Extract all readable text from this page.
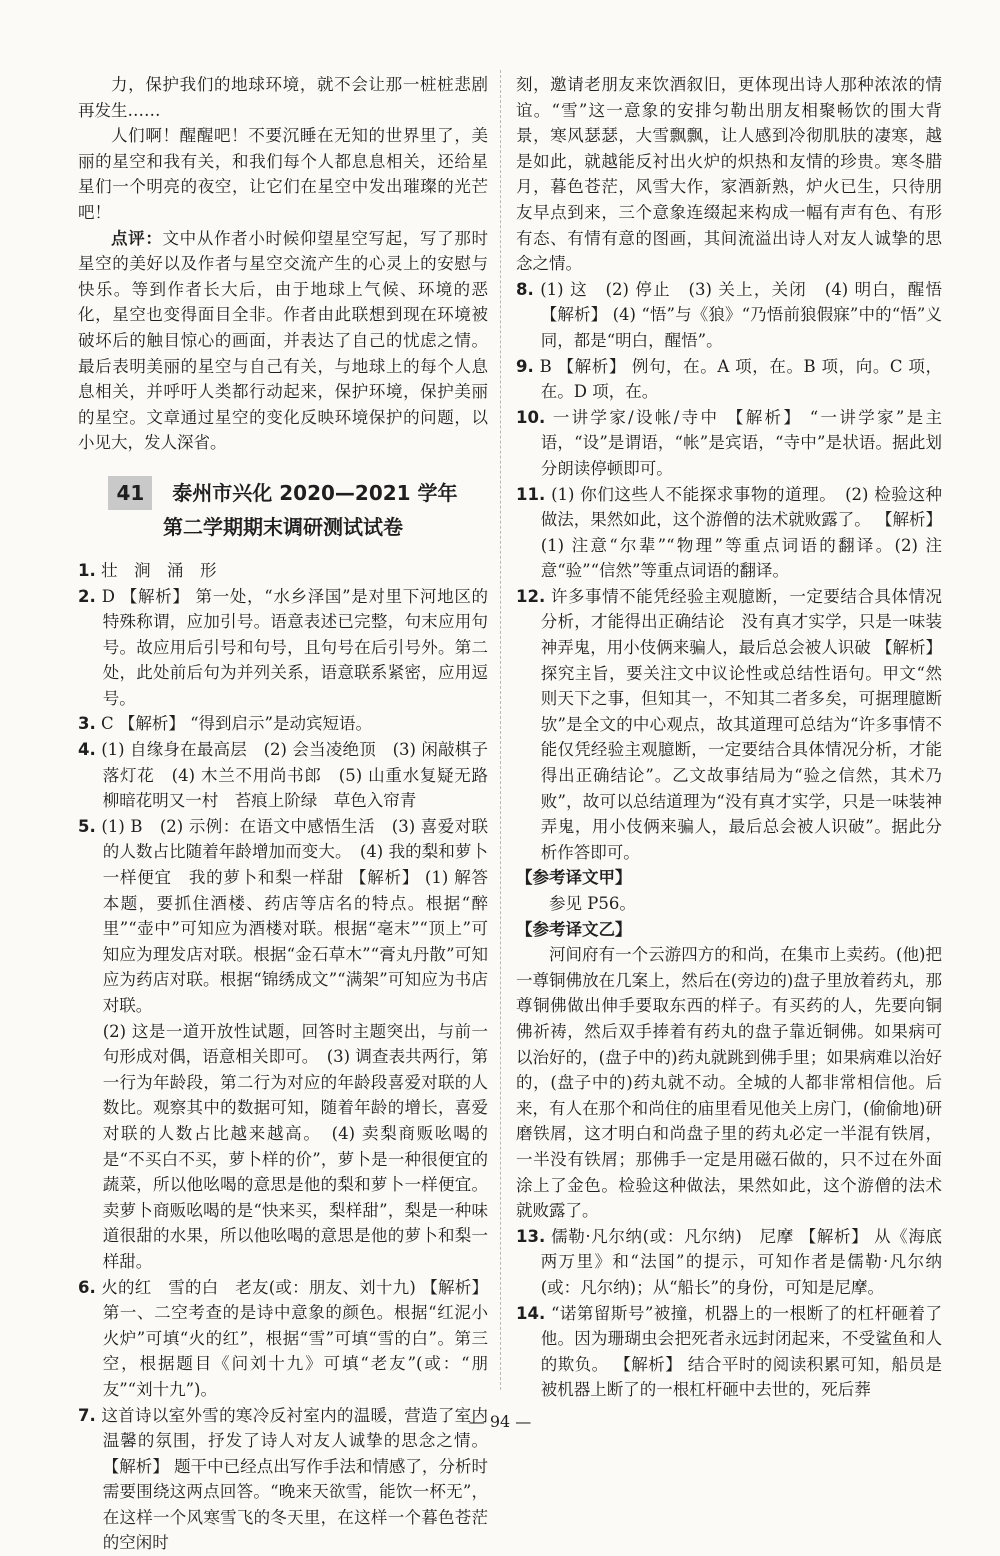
力，保护我们的地球环境，就不会让那一桩桩悲剧再发生……

人们啊！醒醒吧！不要沉睡在无知的世界里了，美丽的星空和我有关，和我们每个人都息息相关，还给星星们一个明亮的夜空，让它们在星空中发出璀璨的光芒吧！

点评：文中从作者小时候仰望星空写起，写了那时星空的美好以及作者与星空交流产生的心灵上的安慰与快乐。等到作者长大后，由于地球上气候、环境的恶化，星空也变得面目全非。作者由此联想到现在环境被破坏后的触目惊心的画面，并表达了自己的忧虑之情。最后表明美丽的星空与自己有关，与地球上的每个人息息相关，并呼吁人类都行动起来，保护环境，保护美丽的星空。文章通过星空的变化反映环境保护的问题，以小见大，发人深省。

41 泰州市兴化 2020—2021 学年
第二学期期末调研测试试卷

1. 壮　涧　涌　形

2. D 【解析】 第一处，“水乡泽国”是对里下河地区的特殊称谓，应加引号。语意表述已完整，句末应用句号。故应用后引号和句号，且句号在后引号外。第二处，此处前后句为并列关系，语意联系紧密，应用逗号。

3. C 【解析】 “得到启示”是动宾短语。

4. (1) 自缘身在最高层　(2) 会当凌绝顶　(3) 闲敲棋子落灯花　(4) 木兰不用尚书郎　(5) 山重水复疑无路　柳暗花明又一村　苔痕上阶绿　草色入帘青

5. (1) B　(2) 示例：在语文中感悟生活　(3) 喜爱对联的人数占比随着年龄增加而变大。　(4) 我的梨和萝卜一样便宜　我的萝卜和梨一样甜 【解析】 (1) 解答本题，要抓住酒楼、药店等店名的特点。根据“醉里”“壶中”可知应为酒楼对联。根据“毫末”“顶上”可知应为理发店对联。根据“金石草木”“膏丸丹散”可知应为药店对联。根据“锦绣成文”“满架”可知应为书店对联。

(2) 这是一道开放性试题，回答时主题突出，与前一句形成对偶，语意相关即可。　(3) 调查表共两行，第一行为年龄段，第二行为对应的年龄段喜爱对联的人数比。观察其中的数据可知，随着年龄的增长，喜爱对联的人数占比越来越高。　(4) 卖梨商贩吆喝的是“不买白不买，萝卜样的价”，萝卜是一种很便宜的蔬菜，所以他吆喝的意思是他的梨和萝卜一样便宜。卖萝卜商贩吆喝的是“快来买，梨样甜”，梨是一种味道很甜的水果，所以他吆喝的意思是他的萝卜和梨一样甜。

6. 火的红　雪的白　老友(或：朋友、刘十九) 【解析】 第一、二空考查的是诗中意象的颜色。根据“红泥小火炉”可填“火的红”，根据“雪”可填“雪的白”。第三空，根据题目《问刘十九》可填“老友”(或：“朋友”“刘十九”)。

7. 这首诗以室外雪的寒冷反衬室内的温暖，营造了室内温馨的氛围，抒发了诗人对友人诚挚的思念之情。 【解析】 题干中已经点出写作手法和情感了，分析时需要围绕这两点回答。“晚来天欲雪，能饮一杯无”，在这样一个风寒雪飞的冬天里，在这样一个暮色苍茫的空闲时

刻，邀请老朋友来饮酒叙旧，更体现出诗人那种浓浓的情谊。“雪”这一意象的安排匀勒出朋友相聚畅饮的围大背景，寒风瑟瑟，大雪飘飘，让人感到冷彻肌肤的凄寒，越是如此，就越能反衬出火炉的炽热和友情的珍贵。寒冬腊月，暮色苍茫，风雪大作，家酒新熟，炉火已生，只待朋友早点到来，三个意象连缀起来构成一幅有声有色、有形有态、有情有意的图画，其间流溢出诗人对友人诚挚的思念之情。

8. (1) 这　(2) 停止　(3) 关上，关闭　(4) 明白，醒悟 【解析】 (4) “悟”与《狼》“乃悟前狼假寐”中的“悟”义同，都是“明白，醒悟”。

9. B 【解析】 例句，在。A 项，在。B 项，向。C 项，在。D 项，在。

10. 一讲学家/设帐/寺中 【解析】 “一讲学家”是主语，“设”是谓语，“帐”是宾语，“寺中”是状语。据此划分朗读停顿即可。

11. (1) 你们这些人不能探求事物的道理。　(2) 检验这种做法，果然如此，这个游僧的法术就败露了。 【解析】 (1) 注意“尔辈”“物理”等重点词语的翻译。(2) 注意“验”“信然”等重点词语的翻译。

12. 许多事情不能凭经验主观臆断，一定要结合具体情况分析，才能得出正确结论　没有真才实学，只是一味装神弄鬼，用小伎俩来骗人，最后总会被人识破 【解析】 探究主旨，要关注文中议论性或总结性语句。甲文“然则天下之事，但知其一，不知其二者多矣，可据理臆断欤”是全文的中心观点，故其道理可总结为“许多事情不能仅凭经验主观臆断，一定要结合具体情况分析，才能得出正确结论”。乙文故事结局为“验之信然，其术乃败”，故可以总结道理为“没有真才实学，只是一味装神弄鬼，用小伎俩来骗人，最后总会被人识破”。据此分析作答即可。

【参考译文甲】

参见 P56。

【参考译文乙】

河间府有一个云游四方的和尚，在集市上卖药。(他)把一尊铜佛放在几案上，然后在(旁边的)盘子里放着药丸，那尊铜佛做出伸手要取东西的样子。有买药的人，先要向铜佛祈祷，然后双手捧着有药丸的盘子靠近铜佛。如果病可以治好的，(盘子中的)药丸就跳到佛手里；如果病难以治好的，(盘子中的)药丸就不动。全城的人都非常相信他。后来，有人在那个和尚住的庙里看见他关上房门，(偷偷地)研磨铁屑，这才明白和尚盘子里的药丸必定一半混有铁屑，一半没有铁屑；那佛手一定是用磁石做的，只不过在外面涂上了金色。检验这种做法，果然如此，这个游僧的法术就败露了。

13. 儒勒·凡尔纳(或：凡尔纳)　尼摩 【解析】 从《海底两万里》和“法国”的提示，可知作者是儒勒·凡尔纳(或：凡尔纳)；从“船长”的身份，可知是尼摩。

14. “诺第留斯号”被撞，机器上的一根断了的杠杆砸着了他。因为珊瑚虫会把死者永远封闭起来，不受鲨鱼和人的欺负。 【解析】 结合平时的阅读积累可知，船员是被机器上断了的一根杠杆砸中去世的，死后葬

— 94 —
